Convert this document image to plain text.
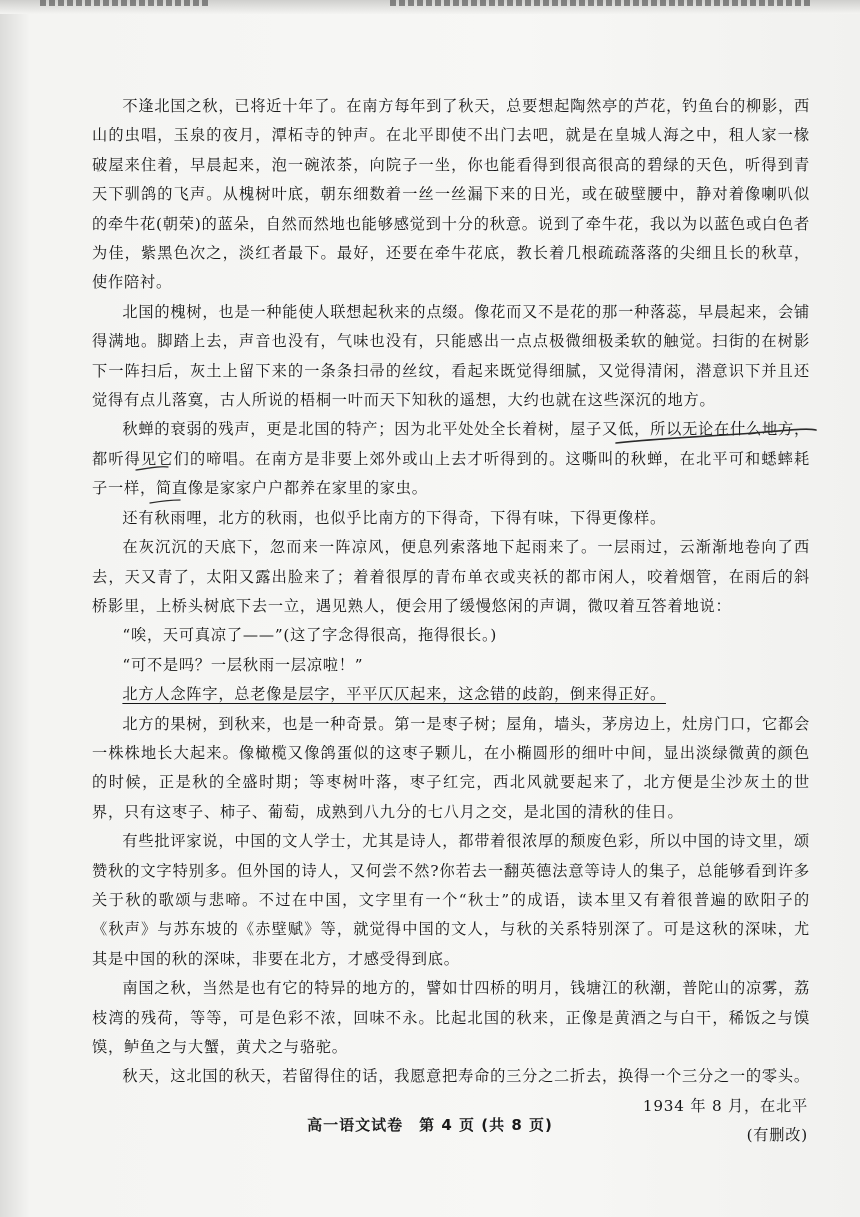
不逢北国之秋，已将近十年了。在南方每年到了秋天，总要想起陶然亭的芦花，钓鱼台的柳影，西山的虫唱，玉泉的夜月，潭柘寺的钟声。在北平即使不出门去吧，就是在皇城人海之中，租人家一椽破屋来住着，早晨起来，泡一碗浓茶，向院子一坐，你也能看得到很高很高的碧绿的天色，听得到青天下驯鸽的飞声。从槐树叶底，朝东细数着一丝一丝漏下来的日光，或在破壁腰中，静对着像喇叭似的牵牛花(朝荣)的蓝朵，自然而然地也能够感觉到十分的秋意。说到了牵牛花，我以为以蓝色或白色者为佳，紫黑色次之，淡红者最下。最好，还要在牵牛花底，教长着几根疏疏落落的尖细且长的秋草，使作陪衬。

北国的槐树，也是一种能使人联想起秋来的点缀。像花而又不是花的那一种落蕊，早晨起来，会铺得满地。脚踏上去，声音也没有，气味也没有，只能感出一点点极微细极柔软的触觉。扫街的在树影下一阵扫后，灰土上留下来的一条条扫帚的丝纹，看起来既觉得细腻，又觉得清闲，潜意识下并且还觉得有点儿落寞，古人所说的梧桐一叶而天下知秋的遥想，大约也就在这些深沉的地方。

秋蝉的衰弱的残声，更是北国的特产；因为北平处处全长着树，屋子又低，所以无论在什么地方，都听得见它们的啼唱。在南方是非要上郊外或山上去才听得到的。这嘶叫的秋蝉，在北平可和蟋蟀耗子一样，简直像是家家户户都养在家里的家虫。

还有秋雨哩，北方的秋雨，也似乎比南方的下得奇，下得有味，下得更像样。

在灰沉沉的天底下，忽而来一阵凉风，便息列索落地下起雨来了。一层雨过，云渐渐地卷向了西去，天又青了，太阳又露出脸来了；着着很厚的青布单衣或夹袄的都市闲人，咬着烟管，在雨后的斜桥影里，上桥头树底下去一立，遇见熟人，便会用了缓慢悠闲的声调，微叹着互答着地说：

“唉，天可真凉了——”(这了字念得很高，拖得很长。)

“可不是吗？一层秋雨一层凉啦！”

北方人念阵字，总老像是层字，平平仄仄起来，这念错的歧韵，倒来得正好。

北方的果树，到秋来，也是一种奇景。第一是枣子树；屋角，墙头，茅房边上，灶房门口，它都会一株株地长大起来。像橄榄又像鸽蛋似的这枣子颗儿，在小椭圆形的细叶中间，显出淡绿微黄的颜色的时候，正是秋的全盛时期；等枣树叶落，枣子红完，西北风就要起来了，北方便是尘沙灰土的世界，只有这枣子、柿子、葡萄，成熟到八九分的七八月之交，是北国的清秋的佳日。

有些批评家说，中国的文人学士，尤其是诗人，都带着很浓厚的颓废色彩，所以中国的诗文里，颂赞秋的文字特别多。但外国的诗人，又何尝不然?你若去一翻英德法意等诗人的集子，总能够看到许多关于秋的歌颂与悲啼。不过在中国，文字里有一个“秋士”的成语，读本里又有着很普遍的欧阳子的《秋声》与苏东坡的《赤壁赋》等，就觉得中国的文人，与秋的关系特别深了。可是这秋的深味，尤其是中国的秋的深味，非要在北方，才感受得到底。

南国之秋，当然是也有它的特异的地方的，譬如廿四桥的明月，钱塘江的秋潮，普陀山的凉雾，荔枝湾的残荷，等等，可是色彩不浓，回味不永。比起北国的秋来，正像是黄酒之与白干，稀饭之与馍馍，鲈鱼之与大蟹，黄犬之与骆驼。

秋天，这北国的秋天，若留得住的话，我愿意把寿命的三分之二折去，换得一个三分之一的零头。

1934 年 8 月，在北平

(有删改)

高一语文试卷　第 4 页 (共 8 页)
